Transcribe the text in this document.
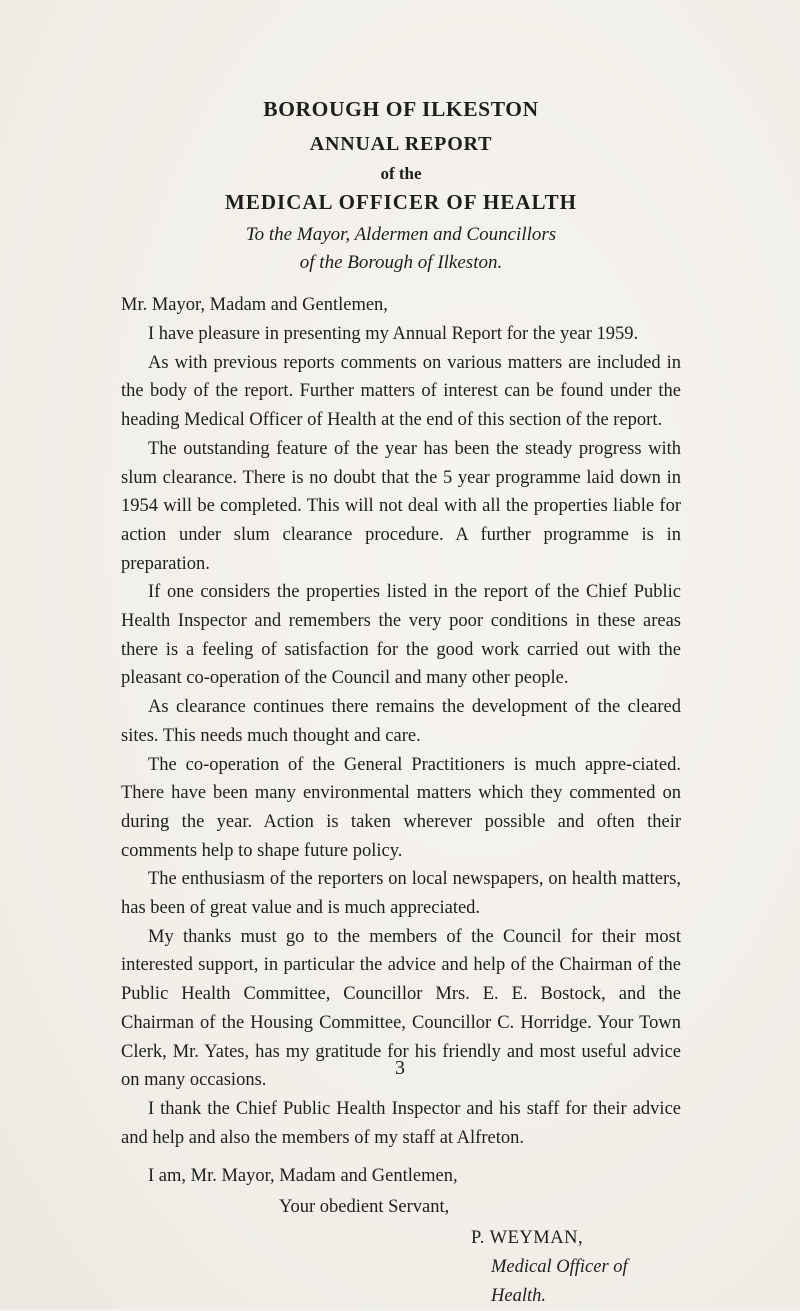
BOROUGH OF ILKESTON
ANNUAL REPORT
of the
MEDICAL OFFICER OF HEALTH
To the Mayor, Aldermen and Councillors
of the Borough of Ilkeston.

Mr. Mayor, Madam and Gentlemen,

I have pleasure in presenting my Annual Report for the year 1959.

As with previous reports comments on various matters are included in the body of the report. Further matters of interest can be found under the heading Medical Officer of Health at the end of this section of the report.

The outstanding feature of the year has been the steady progress with slum clearance. There is no doubt that the 5 year programme laid down in 1954 will be completed. This will not deal with all the properties liable for action under slum clearance procedure. A further programme is in preparation.

If one considers the properties listed in the report of the Chief Public Health Inspector and remembers the very poor conditions in these areas there is a feeling of satisfaction for the good work carried out with the pleasant co-operation of the Council and many other people.

As clearance continues there remains the development of the cleared sites. This needs much thought and care.

The co-operation of the General Practitioners is much appre-ciated. There have been many environmental matters which they commented on during the year. Action is taken wherever possible and often their comments help to shape future policy.

The enthusiasm of the reporters on local newspapers, on health matters, has been of great value and is much appreciated.

My thanks must go to the members of the Council for their most interested support, in particular the advice and help of the Chairman of the Public Health Committee, Councillor Mrs. E. E. Bostock, and the Chairman of the Housing Committee, Councillor C. Horridge. Your Town Clerk, Mr. Yates, has my gratitude for his friendly and most useful advice on many occasions.

I thank the Chief Public Health Inspector and his staff for their advice and help and also the members of my staff at Alfreton.

I am, Mr. Mayor, Madam and Gentlemen,

Your obedient Servant,
P. WEYMAN,
Medical Officer of Health.
3
